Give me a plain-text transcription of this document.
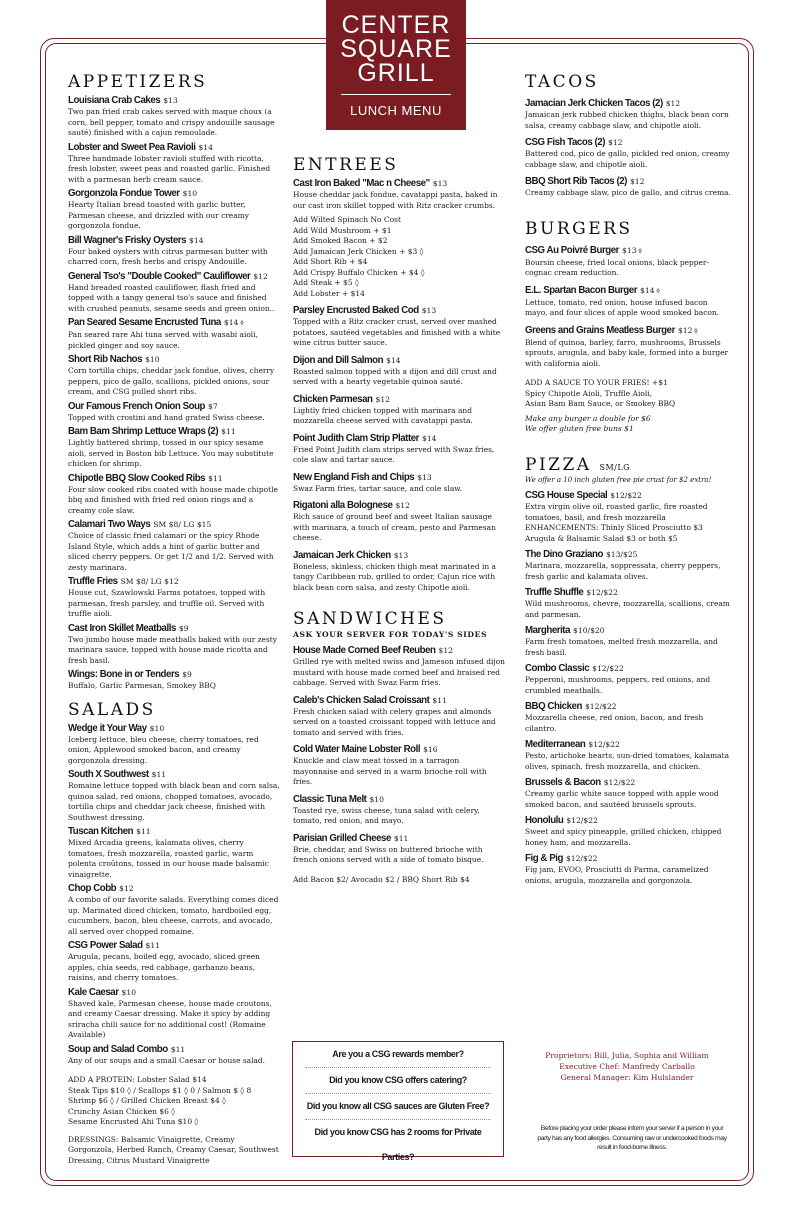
CENTER
SQUARE
GRILL
LUNCH MENU
APPETIZERS
Louisiana Crab Cakes $13
Two pan fried crab cakes served with maque choux (a corn, bell pepper, tomato and crispy andouille sausage sauté) finished with a cajun remoulade.
Lobster and Sweet Pea Ravioli $14
Three handmade lobster ravioli stuffed with ricotta, fresh lobster, sweet peas and roasted garlic. Finished with a parmesan herb cream sauce.
Gorgonzola Fondue Tower $10
Hearty Italian bread toasted with garlic butter, Parmesan cheese, and drizzled with our creamy gorgonzola fondue.
Bill Wagner's Frisky Oysters $14
Four baked oysters with citrus parmesan butter with charred corn, fresh herbs and crispy Andouille.
General Tso's "Double Cooked" Cauliflower $12
Hand breaded roasted cauliflower, flash fried and topped with a tangy general tso's sauce and finished with crushed peanuts, sesame seeds and green onion..
Pan Seared Sesame Encrusted Tuna $14 ◊
Pan seared rare Ahi tuna served with wasabi aioli, pickled ginger and soy sauce.
Short Rib Nachos $10
Corn tortilla chips, cheddar jack fondue, olives, cherry peppers, pico de gallo, scallions, pickled onions, sour cream, and CSG pulled short ribs.
Our Famous French Onion Soup $7
Topped with crostini and hand grated Swiss cheese.
Bam Bam Shrimp Lettuce Wraps (2) $11
Lightly battered shrimp, tossed in our spicy sesame aioli, served in Boston bib Lettuce. You may substitute chicken for shrimp.
Chipotle BBQ Slow Cooked Ribs $11
Four slow cooked ribs coated with house made chipotle bbq and finished with fried red onion rings and a creamy cole slaw.
Calamari Two Ways SM $8/ LG $15
Choice of classic fried calamari or the spicy Rhode Island Style, which adds a hint of garlic butter and sliced cherry peppers. Or get 1/2 and 1/2. Served with zesty marinara.
Truffle Fries SM $8/ LG $12
House cut, Szawlowski Farms potatoes, topped with parmesan, fresh parsley, and truffle oil. Served with truffle aioli.
Cast Iron Skillet Meatballs $9
Two jumbo house made meatballs baked with our zesty marinara sauce, topped with house made ricotta and fresh basil.
Wings: Bone in or Tenders $9
Buffalo, Garlic Parmesan, Smokey BBQ
SALADS
Wedge it Your Way $10
Iceberg lettuce, bleu cheese, cherry tomatoes, red onion, Applewood smoked bacon, and creamy gorgonzola dressing.
South X Southwest $11
Romaine lettuce topped with black bean and corn salsa, quinoa salad, red onions, chopped tomatoes, avocado, tortilla chips and cheddar jack cheese, finished with Southwest dressing.
Tuscan Kitchen $11
Mixed Arcadia greens, kalamata olives, cherry tomatoes, fresh mozzarella, roasted garlic, warm polenta croûtons, tossed in our house made balsamic vinaigrette.
Chop Cobb $12
A combo of our favorite salads. Everything comes diced up. Marinated diced chicken, tomato, hardboiled egg, cucumbers, bacon, bleu cheese, carrots, and avocado, all served over chopped romaine.
CSG Power Salad $11
Arugula, pecans, boiled egg, avocado, sliced green apples, chia seeds, red cabbage, garbanzo beans, raisins, and cherry tomatoes.
Kale Caesar $10
Shaved kale, Parmesan cheese, house made croutons, and creamy Caesar dressing. Make it spicy by adding sriracha chili sauce for no additional cost! (Romaine Available)
Soup and Salad Combo $11
Any of our soups and a small Caesar or house salad.
ADD A PROTEIN: Lobster Salad $14
Steak Tips $10 ◊ / Scallops $1 ◊ 0 / Salmon $ ◊ 8
Shrimp $6 ◊ / Grilled Chicken Breast $4 ◊
Crunchy Asian Chicken $6 ◊
Sesame Encrusted Ahi Tuna $10 ◊
DRESSINGS: Balsamic Vinaigrette, Creamy Gorgonzola, Herbed Ranch, Creamy Caesar, Southwest Dressing, Citrus Mustard Vinaigrette
ENTREES
Cast Iron Baked "Mac n Cheese" $13
House cheddar jack fondue, cavatappi pasta, baked in our cast iron skillet topped with Ritz cracker crumbs.
Add Wilted Spinach No Cost
Add Wild Mushroom + $1
Add Smoked Bacon + $2
Add Jamaican Jerk Chicken + $3 ◊
Add Short Rib + $4
Add Crispy Buffalo Chicken + $4 ◊
Add Steak + $5 ◊
Add Lobster + $14
Parsley Encrusted Baked Cod $13
Topped with a Ritz cracker crust, served over mashed potatoes, sautéed vegetables and finished with a white wine citrus butter sauce.
Dijon and Dill Salmon $14
Roasted salmon topped with a dijon and dill crust and served with a hearty vegetable quinoa sauté.
Chicken Parmesan $12
Lightly fried chicken topped with marinara and mozzarella cheese served with cavatappi pasta.
Point Judith Clam Strip Platter $14
Fried Point Judith clam strips served with Swaz fries, cole slaw and tartar sauce.
New England Fish and Chips $13
Swaz Farm fries, tartar sauce, and cole slaw.
Rigatoni alla Bolognese $12
Rich sauce of ground beef and sweet Italian sausage with marinara, a touch of cream, pesto and Parmesan cheese.
Jamaican Jerk Chicken $13
Boneless, skinless, chicken thigh meat marinated in a tangy Caribbean rub, grilled to order, Cajun rice with black bean corn salsa, and zesty Chipotle aioli.
SANDWICHES
ASK YOUR SERVER FOR TODAY'S SIDES
House Made Corned Beef Reuben $12
Grilled rye with melted swiss and Jameson infused dijon mustard with house made corned beef and braised red cabbage. Served with Swaz Farm fries.
Caleb's Chicken Salad Croissant $11
Fresh chicken salad with celery grapes and almonds served on a toasted croissant topped with lettuce and tomato and served with fries.
Cold Water Maine Lobster Roll $16
Knuckle and claw meat tossed in a tarragon mayonnaise and served in a warm brioche roll with fries.
Classic Tuna Melt $10
Toasted rye, swiss cheese, tuna salad with celery, tomato, red onion, and mayo.
Parisian Grilled Cheese $11
Brie, cheddar, and Swiss on buttered brioche with french onions served with a side of tomato bisque.
Add Bacon $2/ Avocado $2 / BBQ Short Rib $4
TACOS
Jamacian Jerk Chicken Tacos (2) $12
Jamaican jerk rubbed chicken thighs, black bean corn salsa, creamy cabbage slaw, and chipotle aioli.
CSG Fish Tacos (2) $12
Battered cod, pico de gallo, pickled red onion, creamy cabbage slaw, and chipotle aioli.
BBQ Short Rib Tacos (2) $12
Creamy cabbage slaw, pico de gallo, and citrus crema.
BURGERS
CSG Au Poivré Burger $13 ◊
Boursin cheese, fried local onions, black pepper-cognac cream reduction.
E.L. Spartan Bacon Burger $14 ◊
Lettuce, tomato, red onion, house infused bacon mayo, and four slices of apple wood smoked bacon.
Greens and Grains Meatless Burger $12 ◊
Blend of quinoa, barley, farro, mushrooms, Brussels sprouts, arugula, and baby kale, formed into a burger with california aioli.
ADD A SAUCE TO YOUR FRIES! +$1
Spicy Chipotle Aioli, Truffle Aioli,
Asian Bam Bam Sauce, or Smokey BBQ
Make any burger a double for $6
We offer gluten free buns $1
PIZZA SM/LG
We offer a 10 inch gluten free pie crust for $2 extra!
CSG House Special $12/$22
Extra virgin olive oil, roasted garlic, fire roasted tomatoes, basil, and fresh mozzarella ENHANCEMENTS: Thinly Sliced Prosciutto $3 Arugula & Balsamic Salad $3 or both $5
The Dino Graziano $13/$25
Marinara, mozzarella, soppressata, cherry peppers, fresh garlic and kalamata olives.
Truffle Shuffle $12/$22
Wild mushrooms, chevre, mozzarella, scallions, cream and parmesan.
Margherita $10/$20
Farm fresh tomatoes, melted fresh mozzarella, and fresh basil.
Combo Classic $12/$22
Pepperoni, mushrooms, peppers, red onions, and crumbled meatballs.
BBQ Chicken $12/$22
Mozzarella cheese, red onion, bacon, and fresh cilantro.
Mediterranean $12/$22
Pesto, artichoke hearts, sun-dried tomatoes, kalamata olives, spinach, fresh mozzarella, and chicken.
Brussels & Bacon $12/$22
Creamy garlic white sauce topped with apple wood smoked bacon, and sautéed brussels sprouts.
Honolulu $12/$22
Sweet and spicy pineapple, grilled chicken, chipped honey ham, and mozzarella.
Fig & Pig $12/$22
Fig jam, EVOO, Prosciutti di Parma, caramelized onions, arugula, mozzarella and gorgonzola.
Are you a CSG rewards member?
Did you know CSG offers catering?
Did you know all CSG sauces are Gluten Free?
Did you know CSG has 2 rooms for Private Parties?
Proprietors: Bill, Julia, Sophia and William
Executive Chef: Manfredy Carballo
General Manager: Kim Hulslander
Before placing your order please inform your server if a person in your party has any food allergies. Consuming raw or undercooked foods may result in food-borne illness.
